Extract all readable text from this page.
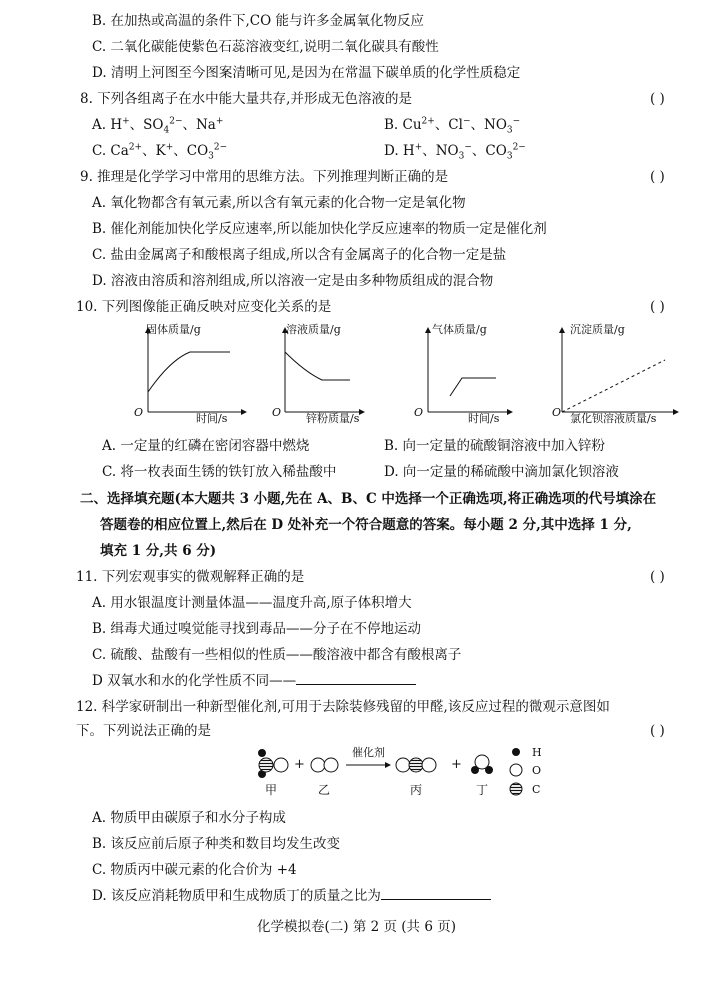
B. 在加热或高温的条件下,CO 能与许多金属氧化物反应
C. 二氧化碳能使紫色石蕊溶液变红,说明二氧化碳具有酸性
D. 清明上河图至今图案清晰可见,是因为在常温下碳单质的化学性质稳定
8. 下列各组离子在水中能大量共存,并形成无色溶液的是
9. 推理是化学学习中常用的思维方法。下列推理判断正确的是
A. 氧化物都含有氧元素,所以含有氧元素的化合物一定是氧化物
B. 催化剂能加快化学反应速率,所以能加快化学反应速率的物质一定是催化剂
C. 盐由金属离子和酸根离子组成,所以含有金属离子的化合物一定是盐
D. 溶液由溶质和溶剂组成,所以溶液一定是由多种物质组成的混合物
10. 下列图像能正确反映对应变化关系的是
A. 一定量的红磷在密闭容器中燃烧	B. 向一定量的硫酸铜溶液中加入锌粉
C. 将一枚表面生锈的铁钉放入稀盐酸中	D. 向一定量的稀硫酸中滴加氯化钡溶液
11. 下列宏观事实的微观解释正确的是
A. 用水银温度计测量体温——温度升高,原子体积增大
B. 缉毒犬通过嗅觉能寻找到毒品——分子在不停地运动
C. 硫酸、盐酸有一些相似的性质——酸溶液中都含有酸根离子
12. 科学家研制出一种新型催化剂,可用于去除装修残留的甲醛,该反应过程的微观示意图如
下。下列说法正确的是
A. 物质甲由碳原子和水分子构成
B. 该反应前后原子种类和数目均发生改变
C. 物质丙中碳元素的化合价为 +4
A. H+、$SO_4^{2-}$、Na+	B. $Cu^{2+}$、Cl−、$NO_3^-$
C. $Ca^{2+}$、K+、$CO_3^{2-}$	D. H+、$NO_3^-$、$CO_3^{2-}$
( )
( )
( )
( )
( )
二、选择填充题(本大题共 3 小题,先在 A、B、C 中选择一个正确选项,将正确选项的代号填涂在
答题卷的相应位置上,然后在 D 处补充一个符合题意的答案。每小题 2 分,其中选择 1 分,
填充 1 分,共 6 分)
D 双氧水和水的化学性质不同——
D. 该反应消耗物质甲和生成物质丁的质量之比为
固体质量/g
O	时间/s
溶液质量/g
O 锌粉质量/s
气体质量/g
O	时间/s
沉淀质量/g
O 氯化钡溶液质量/s
+	+
催化剂
甲	乙	丙	丁
H
O
C
化学模拟卷(二) 第 2 页 (共 6 页)
